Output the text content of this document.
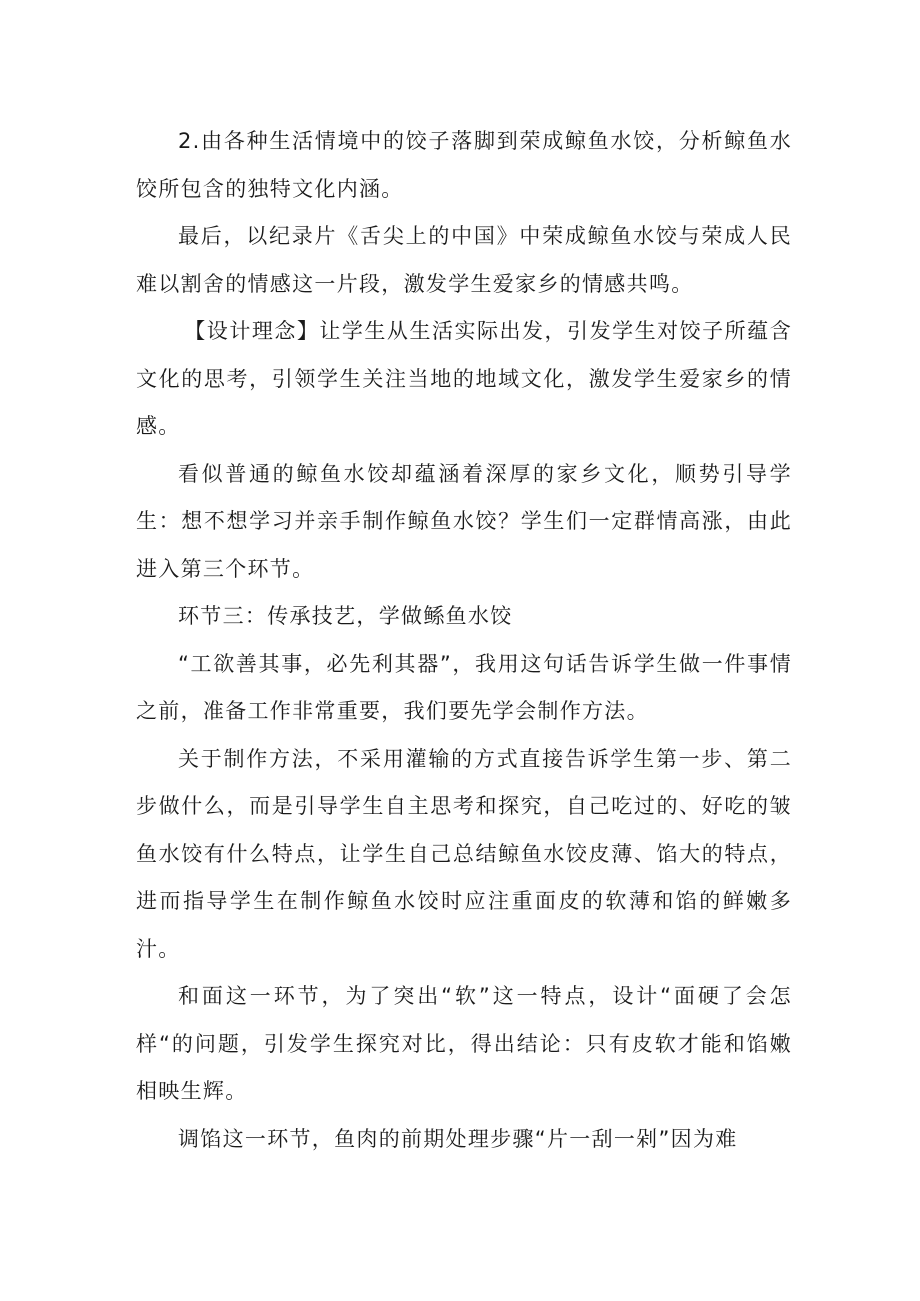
2.由各种生活情境中的饺子落脚到荣成鲸鱼水饺，分析鲸鱼水饺所包含的独特文化内涵。

最后，以纪录片《舌尖上的中国》中荣成鲸鱼水饺与荣成人民难以割舍的情感这一片段，激发学生爱家乡的情感共鸣。

【设计理念】让学生从生活实际出发，引发学生对饺子所蕴含文化的思考，引领学生关注当地的地域文化，激发学生爱家乡的情感。

看似普通的鲸鱼水饺却蕴涵着深厚的家乡文化，顺势引导学生：想不想学习并亲手制作鲸鱼水饺？学生们一定群情高涨，由此进入第三个环节。

环节三：传承技艺，学做鲧鱼水饺

“工欲善其事，必先利其器”，我用这句话告诉学生做一件事情之前，准备工作非常重要，我们要先学会制作方法。

关于制作方法，不采用灌输的方式直接告诉学生第一步、第二步做什么，而是引导学生自主思考和探究，自己吃过的、好吃的皱鱼水饺有什么特点，让学生自己总结鲸鱼水饺皮薄、馅大的特点，进而指导学生在制作鲸鱼水饺时应注重面皮的软薄和馅的鲜嫩多汁。

和面这一环节，为了突出“软”这一特点，设计“面硬了会怎样“的问题，引发学生探究对比，得出结论：只有皮软才能和馅嫩相映生辉。

调馅这一环节，鱼肉的前期处理步骤“片一刮一剁”因为难
